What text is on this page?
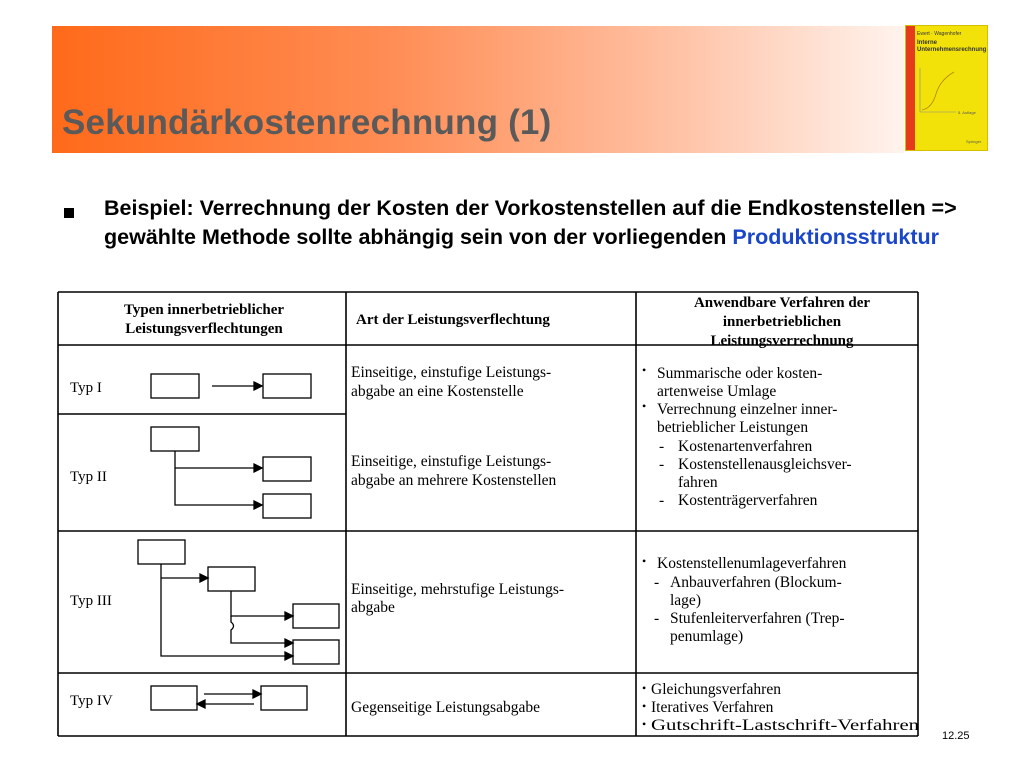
Sekundärkostenrechnung (1)
Ewert · Wagenhofer
Interne
Unternehmensrechnung
5. Auflage
Springer
Beispiel: Verrechnung der Kosten der Vorkostenstellen auf die Endkostenstellen => gewählte Methode sollte abhängig sein von der vorliegenden Produktionsstruktur
Typen innerbetrieblicher
Leistungsverflechtungen
Art der Leistungsverflechtung
Anwendbare Verfahren der
innerbetrieblichen
Leistungsverrechnung
Typ I
Typ II
Typ III
Typ IV
Einseitige, einstufige Leistungs-
abgabe an eine Kostenstelle
Einseitige, einstufige Leistungs-
abgabe an mehrere Kostenstellen
Einseitige, mehrstufige Leistungs-
abgabe
Gegenseitige Leistungsabgabe
• Summarische oder kosten-
artenweise Umlage
• Verrechnung einzelner inner-
betrieblicher Leistungen
- Kostenartenverfahren
- Kostenstellenausgleichsver-
fahren
- Kostenträgerverfahren
• Kostenstellenumlageverfahren
- Anbauverfahren (Blockum-
lage)
- Stufenleiterverfahren (Trep-
penumlage)
• Gleichungsverfahren
• Iteratives Verfahren
• Gutschrift-Lastschrift-Verfahren
12.25
